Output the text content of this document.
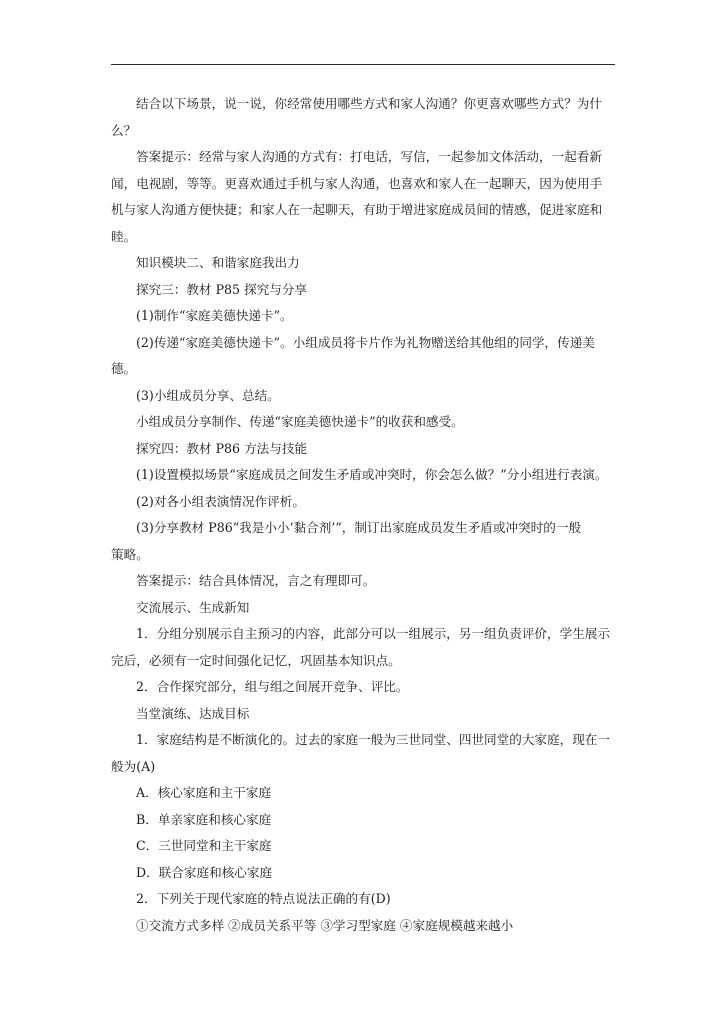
结合以下场景，说一说，你经常使用哪些方式和家人沟通？你更喜欢哪些方式？为什

么？

答案提示：经常与家人沟通的方式有：打电话，写信，一起参加文体活动，一起看新

闻，电视剧，等等。更喜欢通过手机与家人沟通，也喜欢和家人在一起聊天，因为使用手

机与家人沟通方便快捷；和家人在一起聊天，有助于增进家庭成员间的情感，促进家庭和

睦。

知识模块二、和谐家庭我出力

探究三：教材 P85 探究与分享

(1)制作“家庭美德快递卡”。

(2)传递“家庭美德快递卡”。小组成员将卡片作为礼物赠送给其他组的同学，传递美

德。

(3)小组成员分享、总结。

小组成员分享制作、传递“家庭美德快递卡”的收获和感受。

探究四：教材 P86 方法与技能

(1)设置模拟场景“家庭成员之间发生矛盾或冲突时，你会怎么做？”分小组进行表演。

(2)对各小组表演情况作评析。

(3)分享教材 P86“我是小小‘黏合剂’”，制订出家庭成员发生矛盾或冲突时的一般

策略。

答案提示：结合具体情况，言之有理即可。

交流展示、生成新知

1．分组分别展示自主预习的内容，此部分可以一组展示，另一组负责评价，学生展示

完后，必须有一定时间强化记忆，巩固基本知识点。

2．合作探究部分，组与组之间展开竞争、评比。

当堂演练、达成目标

1．家庭结构是不断演化的。过去的家庭一般为三世同堂、四世同堂的大家庭，现在一

般为(A)

A．核心家庭和主干家庭

B．单亲家庭和核心家庭

C．三世同堂和主干家庭

D．联合家庭和核心家庭

2．下列关于现代家庭的特点说法正确的有(D)

①交流方式多样 ②成员关系平等 ③学习型家庭 ④家庭规模越来越小
